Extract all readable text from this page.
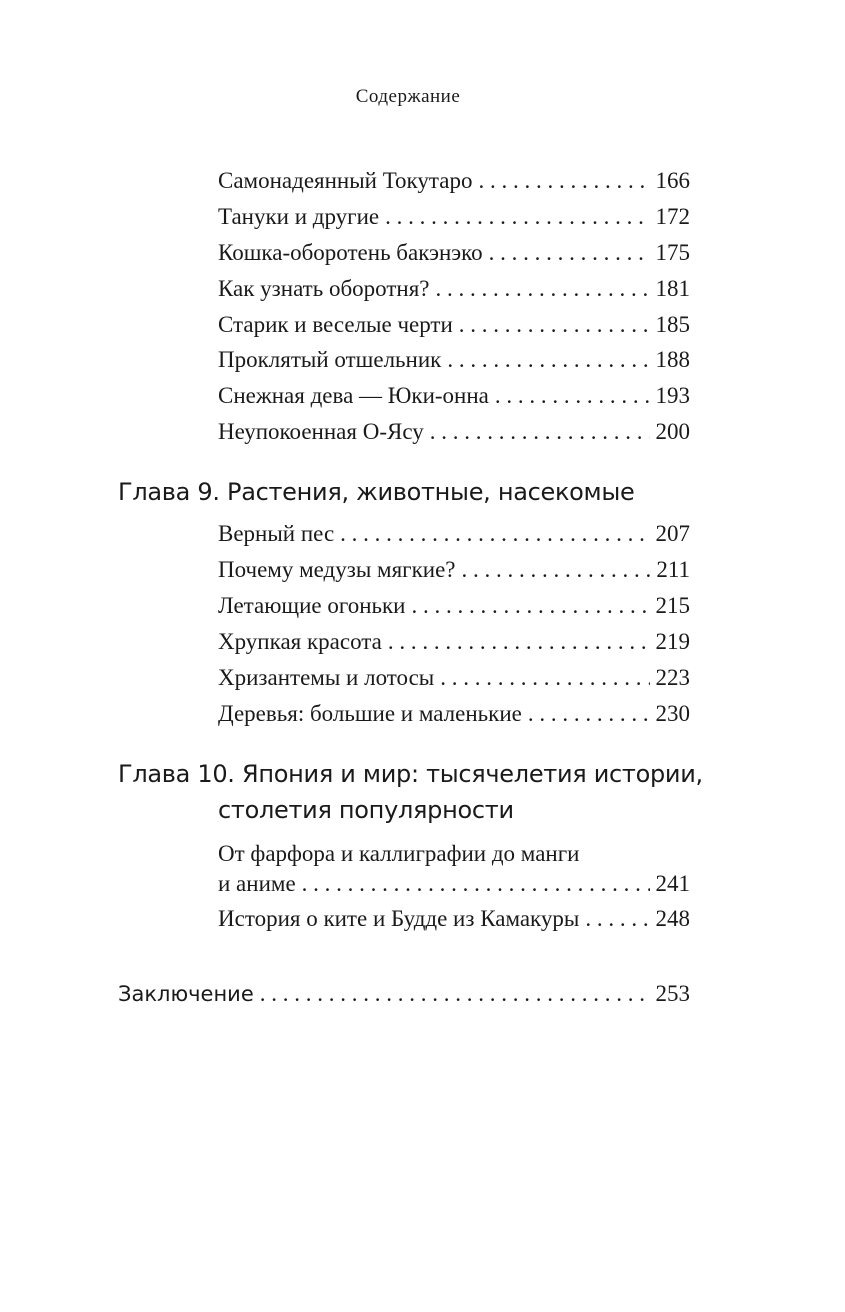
Содержание
Самонадеянный Токутаро . . .	166
Тануки и другие . . .	172
Кошка-оборотень бакэнэко . . .	175
Как узнать оборотня? . . .	181
Старик и веселые черти . . .	185
Проклятый отшельник . . .	188
Снежная дева — Юки-онна . . .	193
Неупокоенная О-Ясу . . .	200
Глава 9. Растения, животные, насекомые
Верный пес . . .	207
Почему медузы мягкие? . . .	211
Летающие огоньки . . .	215
Хрупкая красота . . .	219
Хризантемы и лотосы . . .	223
Деревья: большие и маленькие . . .	230
Глава 10. Япония и мир: тысячелетия истории,
столетия популярности
От фарфора и каллиграфии до манги
и аниме . . .	241
История о ките и Будде из Камакуры . . .	248
Заключение . . .	253
